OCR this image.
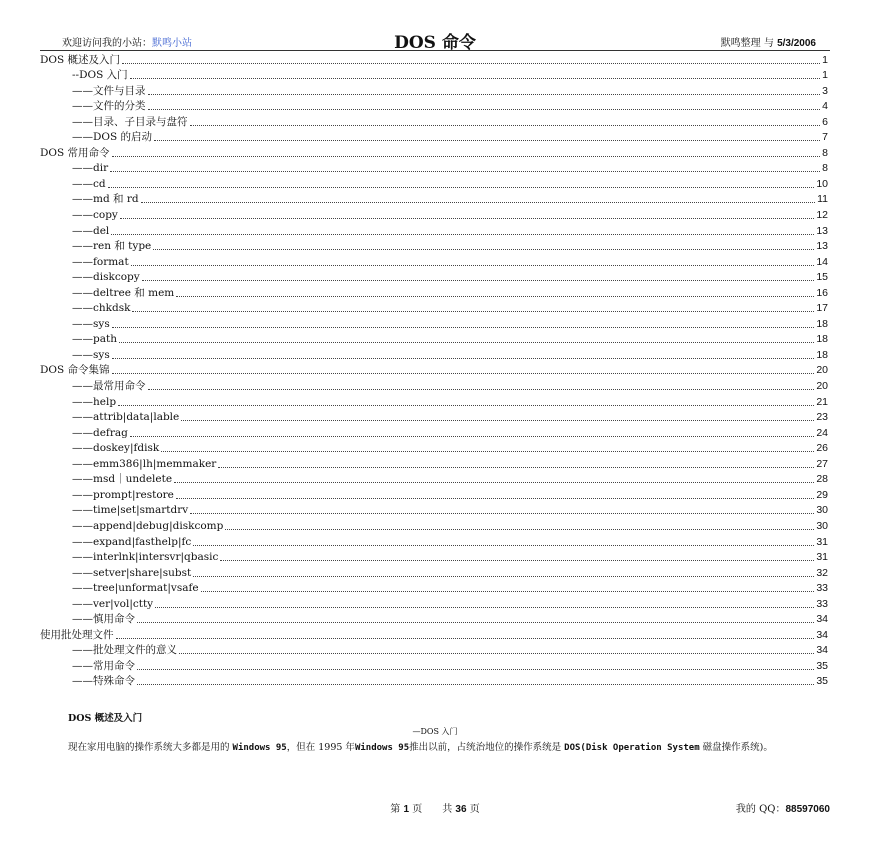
欢迎访问我的小站：默鸣小站	DOS 命令	默鸣整理 与 5/3/2006
DOS 概述及入门	1
--DOS 入门	1
——文件与目录	3
——文件的分类	4
——目录、子目录与盘符	6
——DOS 的启动	7
DOS 常用命令	8
——dir	8
——cd	10
——md 和 rd	11
——copy	12
——del	13
——ren 和 type	13
——format	14
——diskcopy	15
——deltree 和 mem	16
——chkdsk	17
——sys	18
——path	18
——sys	18
DOS 命令集锦	20
——最常用命令	20
——help	21
——attrib|data|lable	23
——defrag	24
——doskey|fdisk	26
——emm386|lh|memmaker	27
——msd｜undelete	28
——prompt|restore	29
——time|set|smartdrv	30
——append|debug|diskcomp	30
——expand|fasthelp|fc	31
——interlnk|intersvr|qbasic	31
——setver|share|subst	32
——tree|unformat|vsafe	33
——ver|vol|ctty	33
——慎用命令	34
使用批处理文件	34
——批处理文件的意义	34
——常用命令	35
——特殊命令	35
DOS 概述及入门
—DOS 入门
现在家用电脑的操作系统大多都是用的 Windows 95，但在 1995 年Windows 95推出以前，占统治地位的操作系统是 DOS(Disk Operation System 磁盘操作系统)。
第 1 页　　共 36 页	我的 QQ：88597060
